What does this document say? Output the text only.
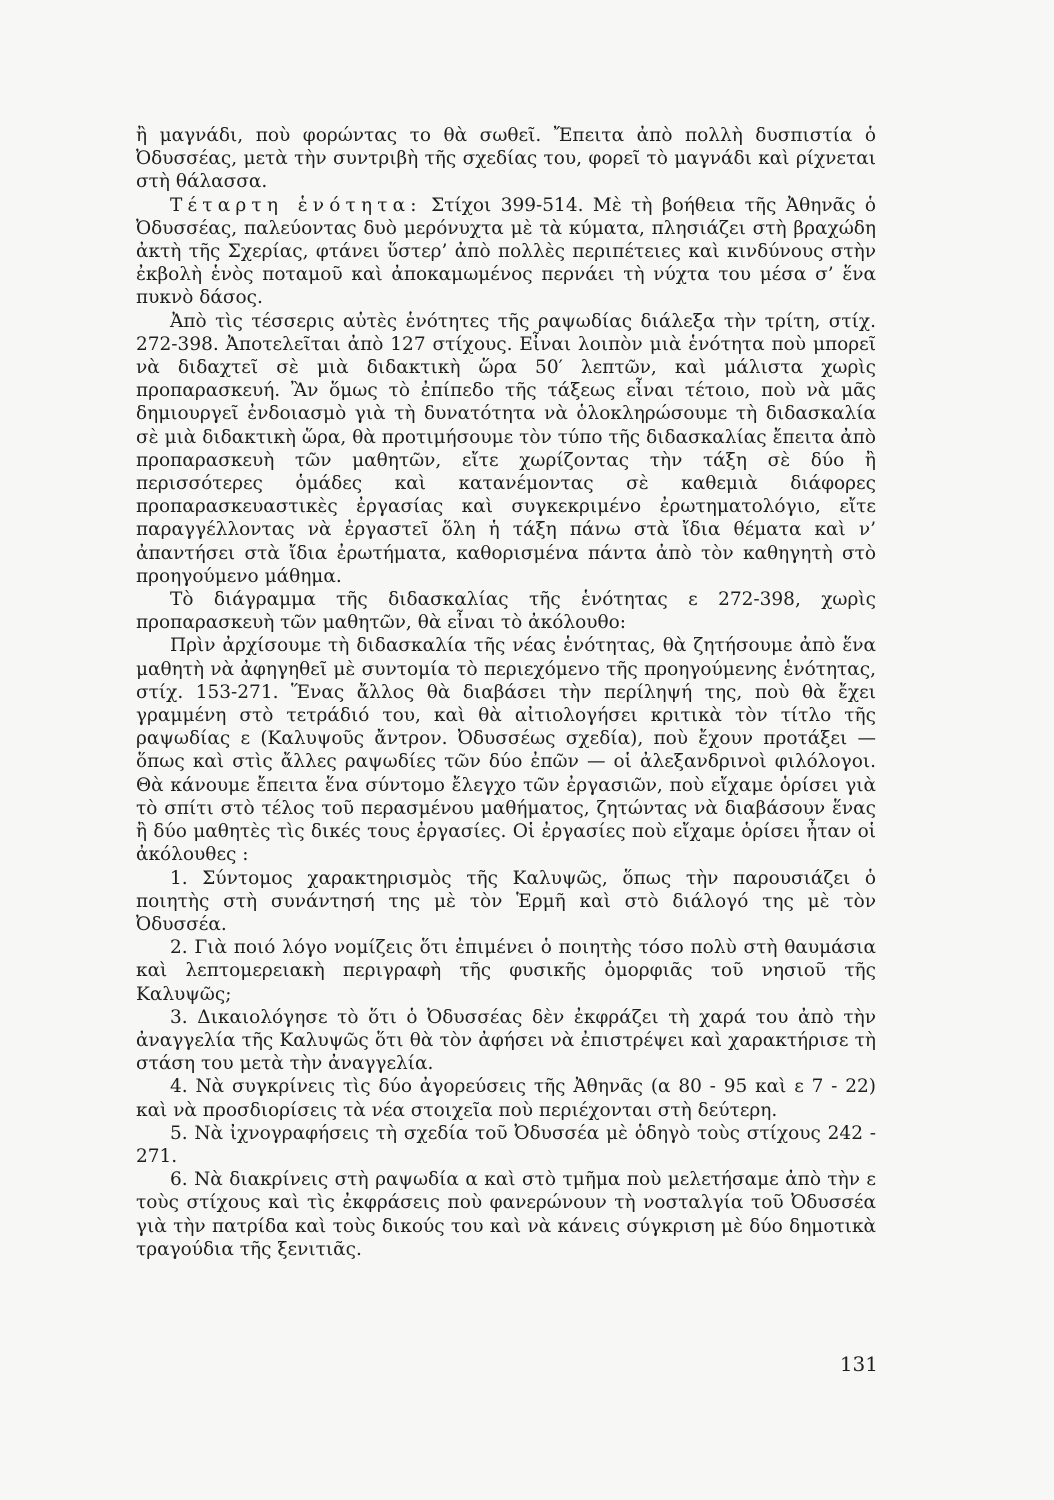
ἢ μαγνάδι, ποὺ φορώντας το θὰ σωθεῖ. Ἔπειτα ἀπὸ πολλὴ δυσπιστία ὁ Ὀδυσσέας, μετὰ τὴν συντριβὴ τῆς σχεδίας του, φορεῖ τὸ μαγνάδι καὶ ρίχνεται στὴ θάλασσα.

Τέταρτη ἑνότητα: Στίχοι 399-514. Μὲ τὴ βοήθεια τῆς Ἀθηνᾶς ὁ Ὀδυσσέας, παλεύοντας δυὸ μερόνυχτα μὲ τὰ κύματα, πλησιάζει στὴ βραχώδη ἀκτὴ τῆς Σχερίας, φτάνει ὕστερ’ ἀπὸ πολλὲς περιπέτειες καὶ κινδύνους στὴν ἐκβολὴ ἑνὸς ποταμοῦ καὶ ἀποκαμωμένος περνάει τὴ νύχτα του μέσα σ’ ἕνα πυκνὸ δάσος.

Ἀπὸ τὶς τέσσερις αὐτὲς ἑνότητες τῆς ραψωδίας διάλεξα τὴν τρίτη, στίχ. 272-398. Ἀποτελεῖται ἀπὸ 127 στίχους. Εἶναι λοιπὸν μιὰ ἑνότητα ποὺ μπορεῖ νὰ διδαχτεῖ σὲ μιὰ διδακτικὴ ὥρα 50′ λεπτῶν, καὶ μάλιστα χωρὶς προπαρασκευή. Ἂν ὅμως τὸ ἐπίπεδο τῆς τάξεως εἶναι τέτοιο, ποὺ νὰ μᾶς δημιουργεῖ ἐνδοιασμὸ γιὰ τὴ δυνατότητα νὰ ὁλοκληρώσουμε τὴ διδασκαλία σὲ μιὰ διδακτικὴ ὥρα, θὰ προτιμήσουμε τὸν τύπο τῆς διδασκαλίας ἔπειτα ἀπὸ προπαρασκευὴ τῶν μαθητῶν, εἴτε χωρίζοντας τὴν τάξη σὲ δύο ἢ περισσότερες ὁμάδες καὶ κατανέμοντας σὲ καθεμιὰ διάφορες προπαρασκευαστικὲς ἐργασίας καὶ συγκεκριμένο ἐρωτηματολόγιο, εἴτε παραγγέλλοντας νὰ ἐργαστεῖ ὅλη ἡ τάξη πάνω στὰ ἴδια θέματα καὶ ν’ ἀπαντήσει στὰ ἴδια ἐρωτήματα, καθορισμένα πάντα ἀπὸ τὸν καθηγητὴ στὸ προηγούμενο μάθημα.

Τὸ διάγραμμα τῆς διδασκαλίας τῆς ἑνότητας ε 272-398, χωρὶς προπαρασκευὴ τῶν μαθητῶν, θὰ εἶναι τὸ ἀκόλουθο:

Πρὶν ἀρχίσουμε τὴ διδασκαλία τῆς νέας ἑνότητας, θὰ ζητήσουμε ἀπὸ ἕνα μαθητὴ νὰ ἀφηγηθεῖ μὲ συντομία τὸ περιεχόμενο τῆς προηγούμενης ἑνότητας, στίχ. 153-271. Ἕνας ἄλλος θὰ διαβάσει τὴν περίληψή της, ποὺ θὰ ἔχει γραμμένη στὸ τετράδιό του, καὶ θὰ αἰτιολογήσει κριτικὰ τὸν τίτλο τῆς ραψωδίας ε (Καλυψοῦς ἄντρον. Ὀδυσσέως σχεδία), ποὺ ἔχουν προτάξει — ὅπως καὶ στὶς ἄλλες ραψωδίες τῶν δύο ἐπῶν — οἱ ἀλεξανδρινοὶ φιλόλογοι. Θὰ κάνουμε ἔπειτα ἕνα σύντομο ἔλεγχο τῶν ἐργασιῶν, ποὺ εἴχαμε ὁρίσει γιὰ τὸ σπίτι στὸ τέλος τοῦ περασμένου μαθήματος, ζητώντας νὰ διαβάσουν ἕνας ἢ δύο μαθητὲς τὶς δικές τους ἐργασίες. Οἱ ἐργασίες ποὺ εἴχαμε ὁρίσει ἦταν οἱ ἀκόλουθες :

1. Σύντομος χαρακτηρισμὸς τῆς Καλυψῶς, ὅπως τὴν παρουσιάζει ὁ ποιητὴς στὴ συνάντησή της μὲ τὸν Ἑρμῆ καὶ στὸ διάλογό της μὲ τὸν Ὀδυσσέα.

2. Γιὰ ποιό λόγο νομίζεις ὅτι ἐπιμένει ὁ ποιητὴς τόσο πολὺ στὴ θαυμάσια καὶ λεπτομερειακὴ περιγραφὴ τῆς φυσικῆς ὀμορφιᾶς τοῦ νησιοῦ τῆς Καλυψῶς;

3. Δικαιολόγησε τὸ ὅτι ὁ Ὀδυσσέας δὲν ἐκφράζει τὴ χαρά του ἀπὸ τὴν ἀναγγελία τῆς Καλυψῶς ὅτι θὰ τὸν ἀφήσει νὰ ἐπιστρέψει καὶ χαρακτήρισε τὴ στάση του μετὰ τὴν ἀναγγελία.

4. Νὰ συγκρίνεις τὶς δύο ἀγορεύσεις τῆς Ἀθηνᾶς (α 80 - 95 καὶ ε 7 - 22) καὶ νὰ προσδιορίσεις τὰ νέα στοιχεῖα ποὺ περιέχονται στὴ δεύτερη.

5. Νὰ ἰχνογραφήσεις τὴ σχεδία τοῦ Ὀδυσσέα μὲ ὁδηγὸ τοὺς στίχους 242 - 271.

6. Νὰ διακρίνεις στὴ ραψωδία α καὶ στὸ τμῆμα ποὺ μελετήσαμε ἀπὸ τὴν ε τοὺς στίχους καὶ τὶς ἐκφράσεις ποὺ φανερώνουν τὴ νοσταλγία τοῦ Ὀδυσσέα γιὰ τὴν πατρίδα καὶ τοὺς δικούς του καὶ νὰ κάνεις σύγκριση μὲ δύο δημοτικὰ τραγούδια τῆς ξενιτιᾶς.

131
